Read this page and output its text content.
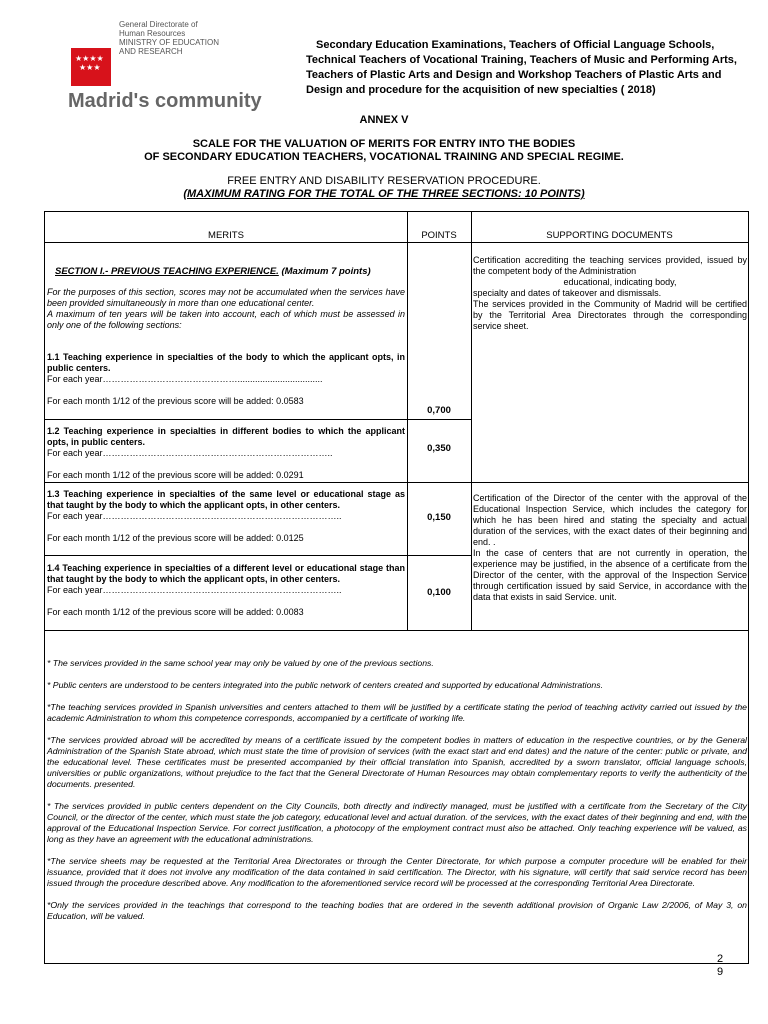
★★★★
★★★
General Directorate of
Human Resources
MINISTRY OF EDUCATION
AND RESEARCH
Madrid's community
Secondary Education Examinations, Teachers of Official Language Schools, Technical Teachers of Vocational Training, Teachers of Music and Performing Arts, Teachers of Plastic Arts and Design and Workshop Teachers of Plastic Arts and Design and procedure for the acquisition of new specialties ( 2018)
ANNEX V
SCALE FOR THE VALUATION OF MERITS FOR ENTRY INTO THE BODIES
OF SECONDARY EDUCATION TEACHERS, VOCATIONAL TRAINING AND SPECIAL REGIME.
FREE ENTRY AND DISABILITY RESERVATION PROCEDURE.
(MAXIMUM RATING FOR THE TOTAL OF THE THREE SECTIONS: 10 POINTS)
MERITS	POINTS	SUPPORTING DOCUMENTS
SECTION I.- PREVIOUS TEACHING EXPERIENCE. (Maximum 7 points)
For the purposes of this section, scores may not be accumulated when the services have been provided simultaneously in more than one educational center.
A maximum of ten years will be taken into account, each of which must be assessed in only one of the following sections:
1.1 Teaching experience in specialties of the body to which the applicant opts, in public centers.
For each year………………………………………..................................
For each month 1/12 of the previous score will be added: 0.0583
0,700
1.2 Teaching experience in specialties in different bodies to which the applicant opts, in public centers.
For each year…………………………………………………………………..
For each month 1/12 of the previous score will be added: 0.0291
0,350
1.3 Teaching experience in specialties of the same level or educational stage as that taught by the body to which the applicant opts, in other centers.
For each year……………………………………………………………………..
For each month 1/12 of the previous score will be added: 0.0125
0,150
1.4 Teaching experience in specialties of a different level or educational stage than that taught by the body to which the applicant opts, in other centers.
For each year……………………………………………………………………..
For each month 1/12 of the previous score will be added: 0.0083
0,100
Certification accrediting the teaching services provided, issued by the competent body of the Administration
educational, indicating body,
specialty and dates of takeover and dismissals.
The services provided in the Community of Madrid will be certified by the Territorial Area Directorates through the corresponding service sheet.
Certification of the Director of the center with the approval of the Educational Inspection Service, which includes the category for which he has been hired and stating the specialty and actual duration of the services, with the exact dates of their beginning and end. .
In the case of centers that are not currently in operation, the experience may be justified, in the absence of a certificate from the Director of the center, with the approval of the Inspection Service through certification issued by said Service, in accordance with the data that exists in said Service. unit.
* The services provided in the same school year may only be valued by one of the previous sections.
* Public centers are understood to be centers integrated into the public network of centers created and supported by educational Administrations.
*The teaching services provided in Spanish universities and centers attached to them will be justified by a certificate stating the period of teaching activity carried out issued by the academic Administration to whom this competence corresponds, accompanied by a certificate of working life.
*The services provided abroad will be accredited by means of a certificate issued by the competent bodies in matters of education in the respective countries, or by the General Administration of the Spanish State abroad, which must state the time of provision of services (with the exact start and end dates) and the nature of the center: public or private, and the educational level. These certificates must be presented accompanied by their official translation into Spanish, accredited by a sworn translator, official language schools, universities or public organizations, without prejudice to the fact that the General Directorate of Human Resources may obtain complementary reports to verify the authenticity of the documents. presented.
* The services provided in public centers dependent on the City Councils, both directly and indirectly managed, must be justified with a certificate from the Secretary of the City Council, or the director of the center, which must state the job category, educational level and actual duration. of the services, with the exact dates of their beginning and end, with the approval of the Educational Inspection Service. For correct justification, a photocopy of the employment contract must also be attached. Only teaching experience will be valued, as long as they have an agreement with the educational administrations.
*The service sheets may be requested at the Territorial Area Directorates or through the Center Directorate, for which purpose a computer procedure will be enabled for their issuance, provided that it does not involve any modification of the data contained in said certification. The Director, with his signature, will certify that said service record has been issued through the procedure described above. Any modification to the aforementioned service record will be processed at the corresponding Territorial Area Directorate.
*Only the services provided in the teachings that correspond to the teaching bodies that are ordered in the seventh additional provision of Organic Law 2/2006, of May 3, on Education, will be valued.
2
9
